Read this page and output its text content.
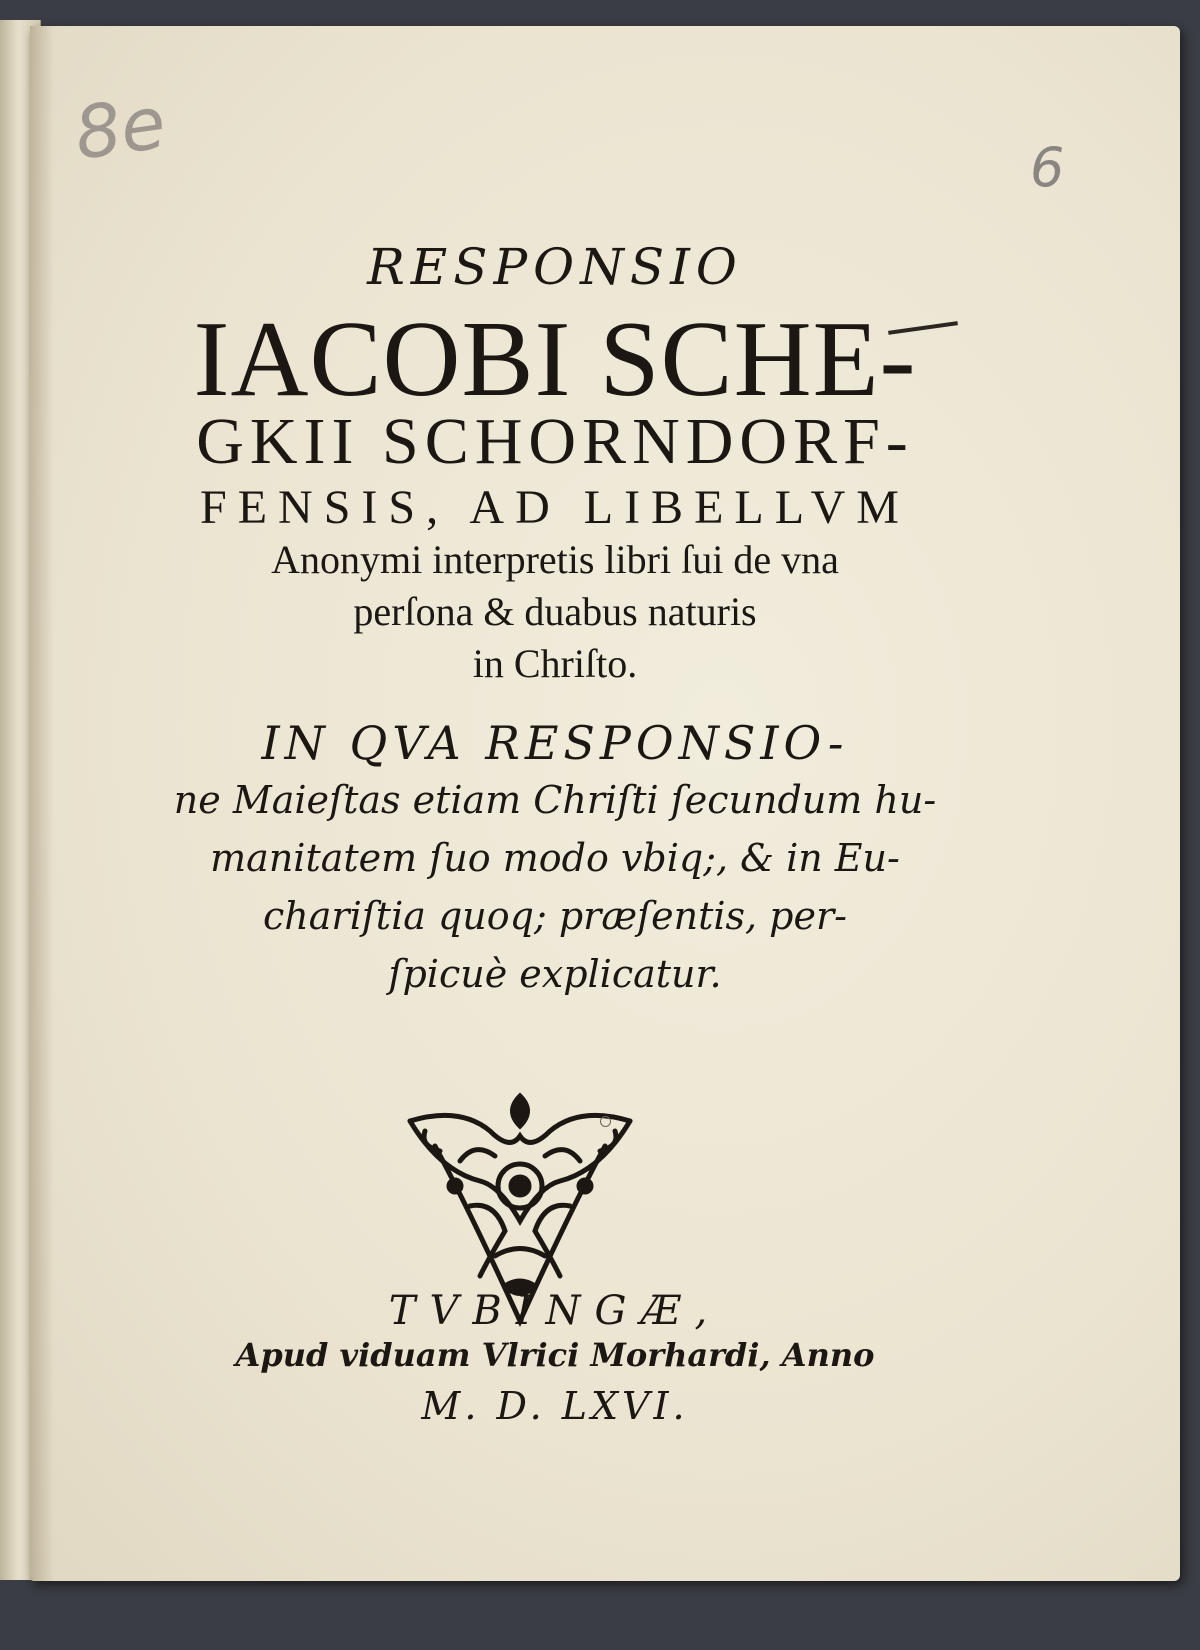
8e	6
RESPONSIO
IACOBI SCHE-
GKII SCHORNDORF-
FENSIS, AD LIBELLVM
Anonymi interpretis libri ſui de vna
perſona & duabus naturis
in Chriſto.
IN QVA RESPONSIO-
ne Maieſtas etiam Chriſti ſecundum hu-
manitatem ſuo modo vbiq;, & in Eu-
chariſtia quoq; præſentis, per-
ſpicuè explicatur.
TVBINGÆ,
Apud viduam Vlrici Morhardi, Anno
M. D. LXVI.
